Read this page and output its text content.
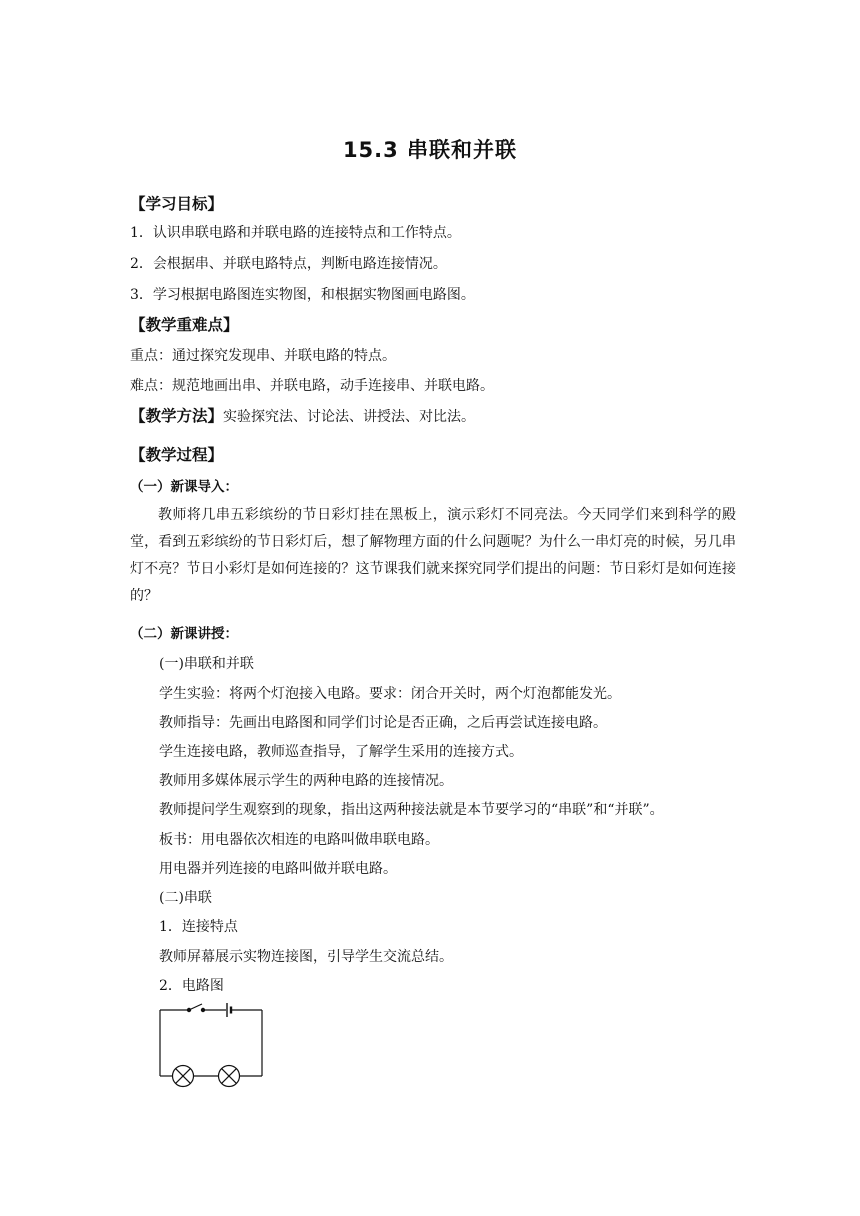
15.3 串联和并联
【学习目标】
1．认识串联电路和并联电路的连接特点和工作特点。
2．会根据串、并联电路特点，判断电路连接情况。
3．学习根据电路图连实物图，和根据实物图画电路图。
【教学重难点】
重点：通过探究发现串、并联电路的特点。
难点：规范地画出串、并联电路，动手连接串、并联电路。
【教学方法】实验探究法、讨论法、讲授法、对比法。
【教学过程】
（一）新课导入：
教师将几串五彩缤纷的节日彩灯挂在黑板上，演示彩灯不同亮法。今天同学们来到科学的殿堂，看到五彩缤纷的节日彩灯后，想了解物理方面的什么问题呢？为什么一串灯亮的时候，另几串灯不亮？节日小彩灯是如何连接的？这节课我们就来探究同学们提出的问题：节日彩灯是如何连接的？
（二）新课讲授：
(一)串联和并联
学生实验：将两个灯泡接入电路。要求：闭合开关时，两个灯泡都能发光。
教师指导：先画出电路图和同学们讨论是否正确，之后再尝试连接电路。
学生连接电路，教师巡查指导，了解学生采用的连接方式。
教师用多媒体展示学生的两种电路的连接情况。
教师提问学生观察到的现象，指出这两种接法就是本节要学习的“串联”和“并联”。
板书：用电器依次相连的电路叫做串联电路。
用电器并列连接的电路叫做并联电路。
(二)串联
1．连接特点
教师屏幕展示实物连接图，引导学生交流总结。
2．电路图
